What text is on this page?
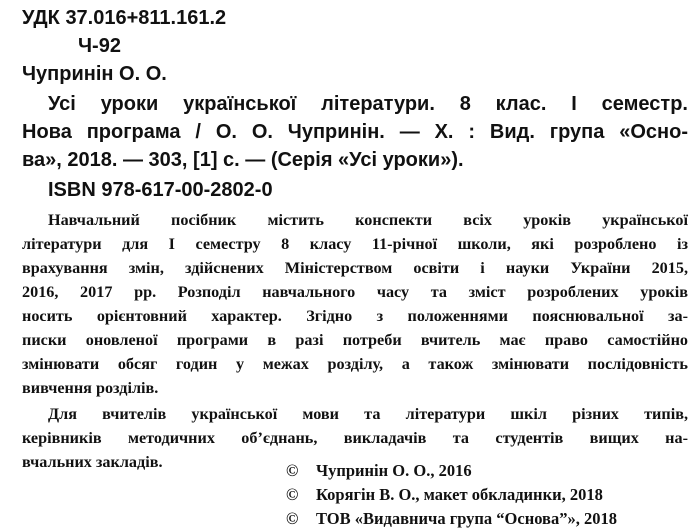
УДК 37.016+811.161.2
Ч-92
Чупринін О. О.
Усі уроки української літератури. 8 клас. І семестр.
Нова програма / О. О. Чупринін. — Х. : Вид. група «Осно-
ва», 2018. — 303, [1] с. — (Серія «Усі уроки»).
ISBN 978-617-00-2802-0
Навчальний посібник містить конспекти всіх уроків української
літератури для І семестру 8 класу 11-річної школи, які розроблено із
врахування змін, здійснених Міністерством освіти і науки України 2015,
2016, 2017 рр. Розподіл навчального часу та зміст розроблених уроків
носить орієнтовний характер. Згідно з положеннями пояснювальної за-
писки оновленої програми в разі потреби вчитель має право самостійно
змінювати обсяг годин у межах розділу, а також змінювати послідовність
вивчення розділів.
Для вчителів української мови та літератури шкіл різних типів,
керівників методичних об’єднань, викладачів та студентів вищих на-
вчальних закладів.	© Чупринін О. О., 2016
© Корягін В. О., макет обкладинки, 2018
© ТОВ «Видавнича група “Основа”», 2018
